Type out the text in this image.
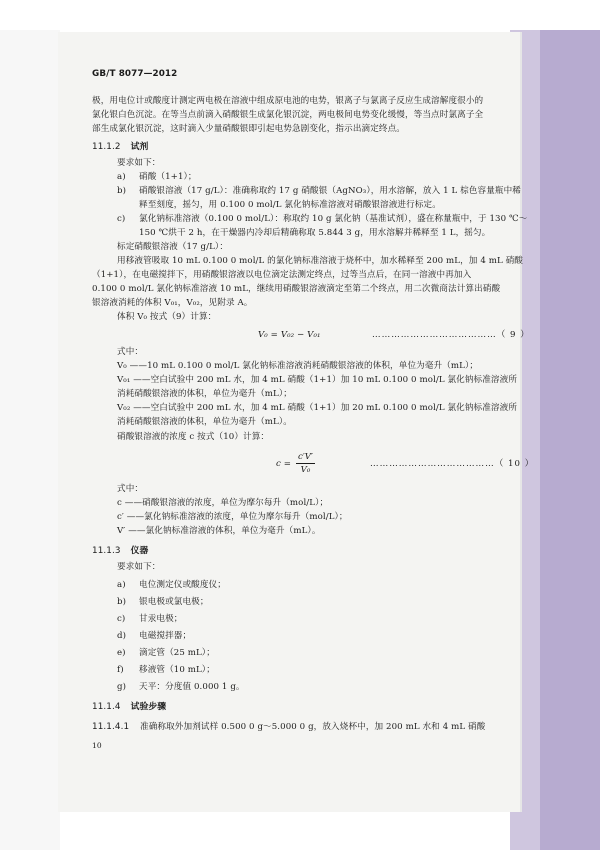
GB/T 8077—2012
极，用电位计或酸度计测定两电极在溶液中组成原电池的电势，银离子与氯离子反应生成溶解度很小的
氯化银白色沉淀。在等当点前滴入硝酸银生成氯化银沉淀，两电极间电势变化缓慢，等当点时氯离子全
部生成氯化银沉淀，这时滴入少量硝酸银即引起电势急剧变化，指示出滴定终点。
11.1.2 试剂
要求如下：
a) 硝酸（1+1）；
b) 硝酸银溶液（17 g/L）：准确称取约 17 g 硝酸银（AgNO₃），用水溶解，放入 1 L 棕色容量瓶中稀
释至刻度，摇匀，用 0.100 0 mol/L 氯化钠标准溶液对硝酸银溶液进行标定。
c) 氯化钠标准溶液（0.100 0 mol/L）：称取约 10 g 氯化钠（基准试剂），盛在称量瓶中，于 130 ℃～
150 ℃烘干 2 h，在干燥器内冷却后精确称取 5.844 3 g，用水溶解并稀释至 1 L，摇匀。
标定硝酸银溶液（17 g/L）：
用移液管吸取 10 mL 0.100 0 mol/L 的氯化钠标准溶液于烧杯中，加水稀释至 200 mL，加 4 mL 硝酸
（1+1），在电磁搅拌下，用硝酸银溶液以电位滴定法测定终点，过等当点后，在同一溶液中再加入
0.100 0 mol/L 氯化钠标准溶液 10 mL，继续用硝酸银溶液滴定至第二个终点，用二次微商法计算出硝酸
银溶液消耗的体积 V₀₁，V₀₂，见附录 A。
体积 V₀ 按式（9）计算：
V₀ = V₀₂ − V₀₁	…………………………………（ 9 ）
式中：
V₀ ——10 mL 0.100 0 mol/L 氯化钠标准溶液消耗硝酸银溶液的体积，单位为毫升（mL）；
V₀₁ ——空白试验中 200 mL 水，加 4 mL 硝酸（1+1）加 10 mL 0.100 0 mol/L 氯化钠标准溶液所
消耗硝酸银溶液的体积，单位为毫升（mL）；
V₀₂ ——空白试验中 200 mL 水，加 4 mL 硝酸（1+1）加 20 mL 0.100 0 mol/L 氯化钠标准溶液所
消耗硝酸银溶液的体积，单位为毫升（mL）。
硝酸银溶液的浓度 c 按式（10）计算：
$c = \frac{c'V'}{\text{V₀}}$	…………………………………（ 10 ）
式中：
c ——硝酸银溶液的浓度，单位为摩尔每升（mol/L）；
c′ ——氯化钠标准溶液的浓度，单位为摩尔每升（mol/L）；
V′ ——氯化钠标准溶液的体积，单位为毫升（mL）。
11.1.3 仪器
要求如下：
a) 电位测定仪或酸度仪；
b) 银电极或氯电极；
c) 甘汞电极；
d) 电磁搅拌器；
e) 滴定管（25 mL）；
f) 移液管（10 mL）；
g) 天平：分度值 0.000 1 g。
11.1.4 试验步骤
11.1.4.1 准确称取外加剂试样 0.500 0 g～5.000 0 g，放入烧杯中，加 200 mL 水和 4 mL 硝酸
10
